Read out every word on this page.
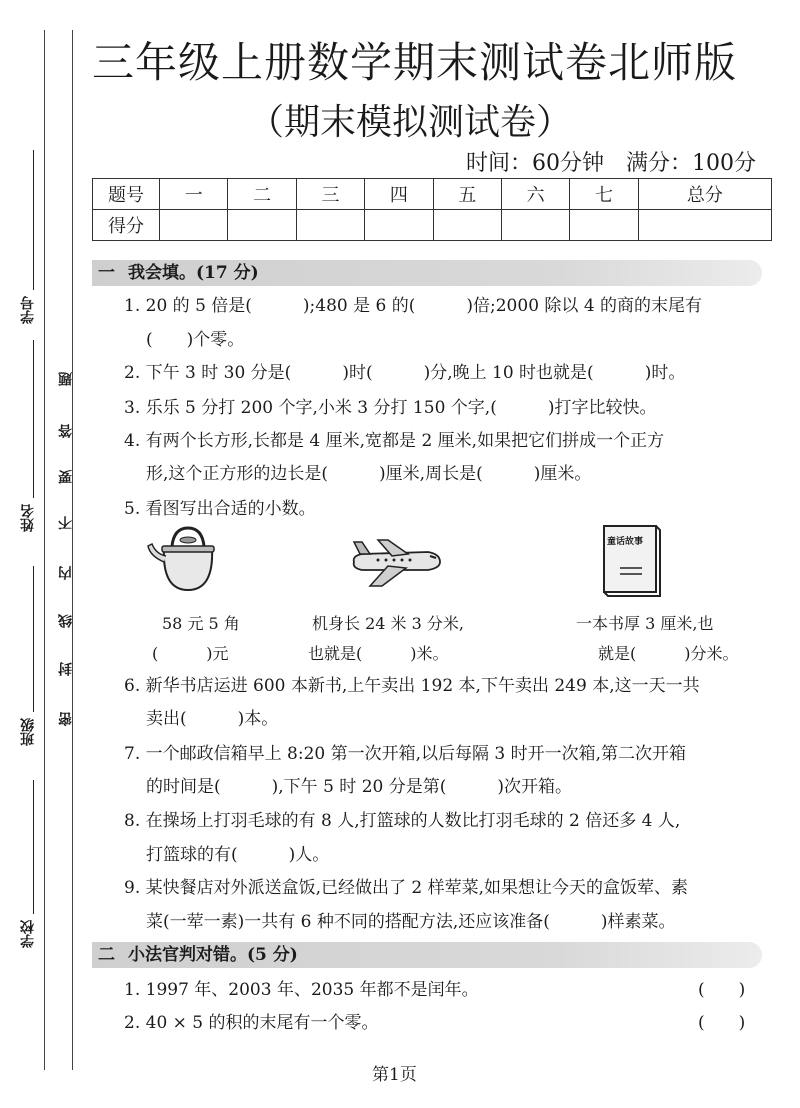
学号
姓名
班级
学校
题
答
要
不
内
线
封
密
三年级上册数学期末测试卷北师版
（期末模拟测试卷）
时间：60分钟　满分：100分
题号	一	二	三	四	五	六	七	总分
得分								
一 我会填。(17 分)
1. 20 的 5 倍是(　　　);480 是 6 的(　　　)倍;2000 除以 4 的商的末尾有
(　　)个零。
2. 下午 3 时 30 分是(　　　)时(　　　)分,晚上 10 时也就是(　　　)时。
3. 乐乐 5 分打 200 个字,小米 3 分打 150 个字,(　　　)打字比较快。
4. 有两个长方形,长都是 4 厘米,宽都是 2 厘米,如果把它们拼成一个正方
形,这个正方形的边长是(　　　)厘米,周长是(　　　)厘米。
5. 看图写出合适的小数。
童话故事
58 元 5 角
(　　　)元
机身长 24 米 3 分米,
也就是(　　　)米。
一本书厚 3 厘米,也
就是(　　　)分米。
6. 新华书店运进 600 本新书,上午卖出 192 本,下午卖出 249 本,这一天一共
卖出(　　　)本。
7. 一个邮政信箱早上 8:20 第一次开箱,以后每隔 3 时开一次箱,第二次开箱
的时间是(　　　),下午 5 时 20 分是第(　　　)次开箱。
8. 在操场上打羽毛球的有 8 人,打篮球的人数比打羽毛球的 2 倍还多 4 人,
打篮球的有(　　　)人。
9. 某快餐店对外派送盒饭,已经做出了 2 样荤菜,如果想让今天的盒饭荤、素
菜(一荤一素)一共有 6 种不同的搭配方法,还应该准备(　　　)样素菜。
二 小法官判对错。(5 分)
1. 1997 年、2003 年、2035 年都不是闰年。	(　　)
2. 40 × 5 的积的末尾有一个零。	(　　)
第1页
